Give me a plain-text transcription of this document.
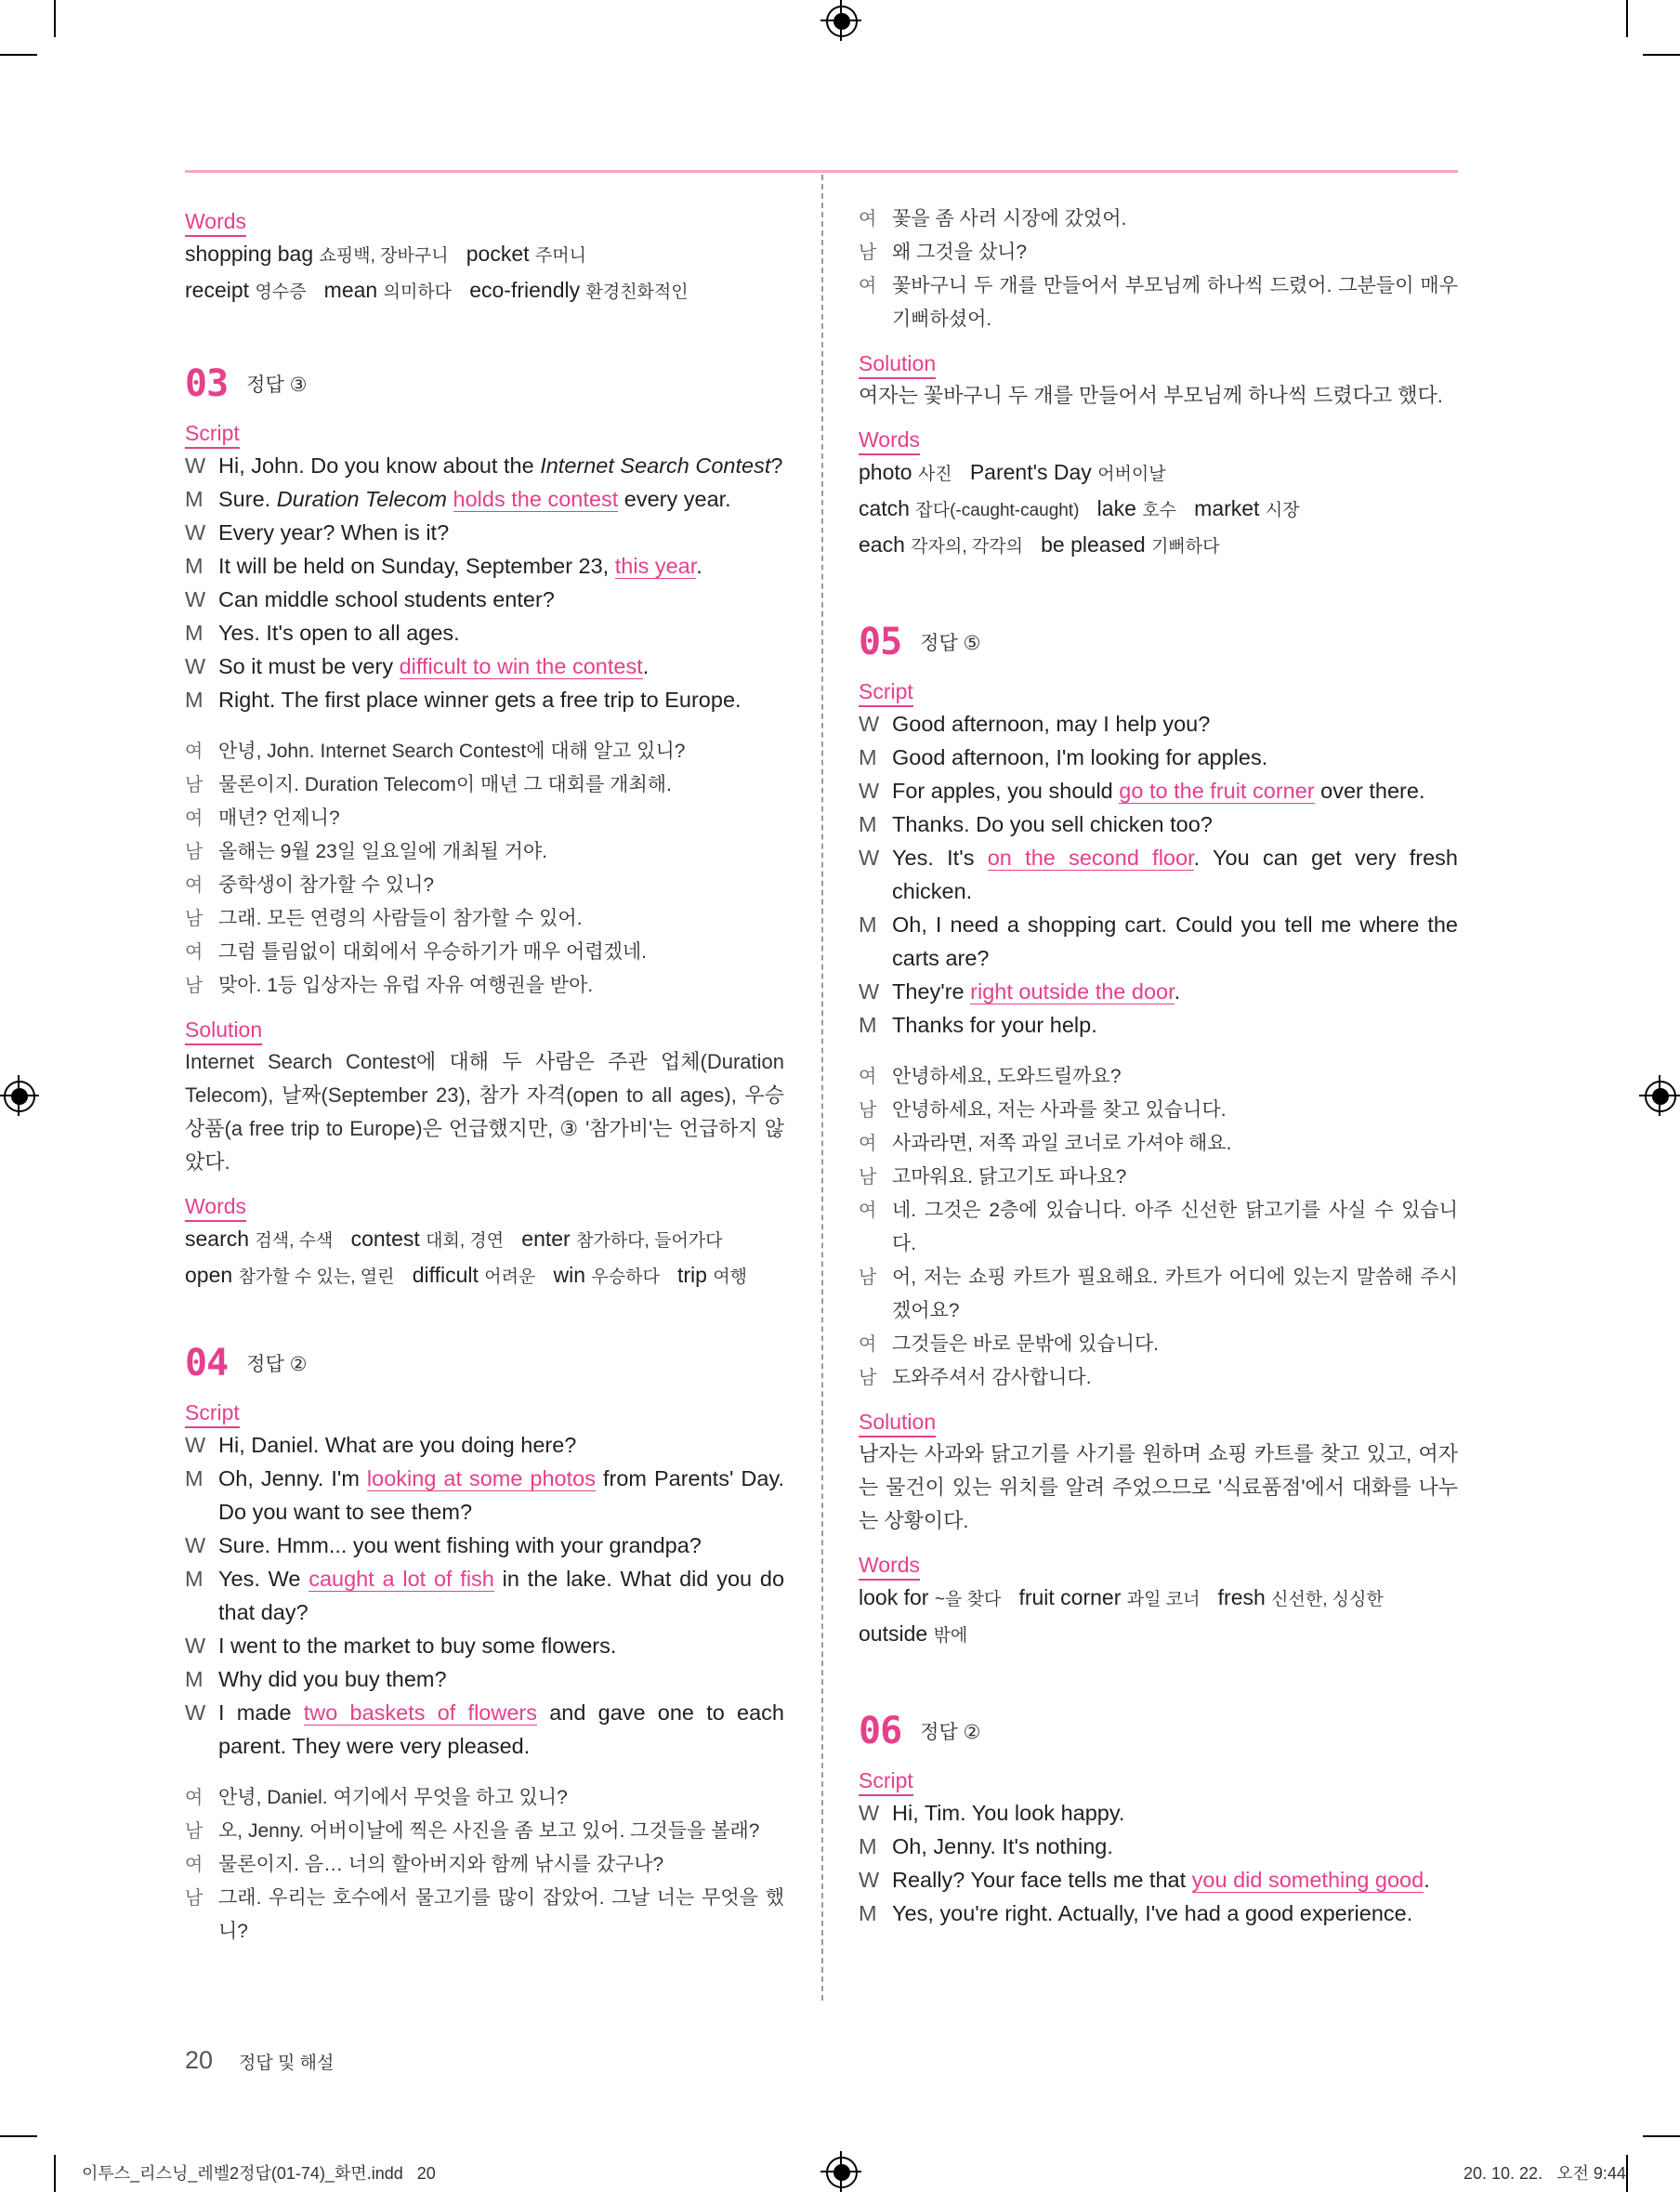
Words
shopping bag 쇼핑백, 장바구니 pocket 주머니
receipt 영수증 mean 의미하다 eco-friendly 환경친화적인
03 정답 ③
Script
W Hi, John. Do you know about the Internet Search Contest?
M Sure. Duration Telecom holds the contest every year.
W Every year? When is it?
M It will be held on Sunday, September 23, this year.
W Can middle school students enter?
M Yes. It's open to all ages.
W So it must be very difficult to win the contest.
M Right. The first place winner gets a free trip to Europe.
여 안녕, John. Internet Search Contest에 대해 알고 있니?
남 물론이지. Duration Telecom이 매년 그 대회를 개최해.
여 매년? 언제니?
남 올해는 9월 23일 일요일에 개최될 거야.
여 중학생이 참가할 수 있니?
남 그래. 모든 연령의 사람들이 참가할 수 있어.
여 그럼 틀림없이 대회에서 우승하기가 매우 어렵겠네.
남 맞아. 1등 입상자는 유럽 자유 여행권을 받아.
Solution
Internet Search Contest에 대해 두 사람은 주관 업체(Duration Telecom), 날짜(September 23), 참가 자격(open to all ages), 우승 상품(a free trip to Europe)은 언급했지만, ③ '참가비'는 언급하지 않았다.
Words
search 검색, 수색 contest 대회, 경연 enter 참가하다, 들어가다
open 참가할 수 있는, 열린 difficult 어려운 win 우승하다 trip 여행
04 정답 ②
Script
W Hi, Daniel. What are you doing here?
M Oh, Jenny. I'm looking at some photos from Parents' Day. Do you want to see them?
W Sure. Hmm... you went fishing with your grandpa?
M Yes. We caught a lot of fish in the lake. What did you do that day?
W I went to the market to buy some flowers.
M Why did you buy them?
W I made two baskets of flowers and gave one to each parent. They were very pleased.
여 안녕, Daniel. 여기에서 무엇을 하고 있니?
남 오, Jenny. 어버이날에 찍은 사진을 좀 보고 있어. 그것들을 볼래?
여 물론이지. 음… 너의 할아버지와 함께 낚시를 갔구나?
남 그래. 우리는 호수에서 물고기를 많이 잡았어. 그날 너는 무엇을 했니?
여 꽃을 좀 사러 시장에 갔었어.
남 왜 그것을 샀니?
여 꽃바구니 두 개를 만들어서 부모님께 하나씩 드렸어. 그분들이 매우 기뻐하셨어.
Solution
여자는 꽃바구니 두 개를 만들어서 부모님께 하나씩 드렸다고 했다.
Words
photo 사진 Parent's Day 어버이날
catch 잡다(-caught-caught) lake 호수 market 시장
each 각자의, 각각의 be pleased 기뻐하다
05 정답 ⑤
Script
W Good afternoon, may I help you?
M Good afternoon, I'm looking for apples.
W For apples, you should go to the fruit corner over there.
M Thanks. Do you sell chicken too?
W Yes. It's on the second floor. You can get very fresh chicken.
M Oh, I need a shopping cart. Could you tell me where the carts are?
W They're right outside the door.
M Thanks for your help.
여 안녕하세요, 도와드릴까요?
남 안녕하세요, 저는 사과를 찾고 있습니다.
여 사과라면, 저쪽 과일 코너로 가셔야 해요.
남 고마워요. 닭고기도 파나요?
여 네. 그것은 2층에 있습니다. 아주 신선한 닭고기를 사실 수 있습니다.
남 어, 저는 쇼핑 카트가 필요해요. 카트가 어디에 있는지 말씀해 주시겠어요?
여 그것들은 바로 문밖에 있습니다.
남 도와주셔서 감사합니다.
Solution
남자는 사과와 닭고기를 사기를 원하며 쇼핑 카트를 찾고 있고, 여자는 물건이 있는 위치를 알려 주었으므로 '식료품점'에서 대화를 나누는 상황이다.
Words
look for ~을 찾다 fruit corner 과일 코너 fresh 신선한, 싱싱한
outside 밖에
06 정답 ②
Script
W Hi, Tim. You look happy.
M Oh, Jenny. It's nothing.
W Really? Your face tells me that you did something good.
M Yes, you're right. Actually, I've had a good experience.
20 정답 및 해설
이투스_리스닝_레벨2정답(01-74)_화면.indd   20	20. 10. 22.   오전 9:44
